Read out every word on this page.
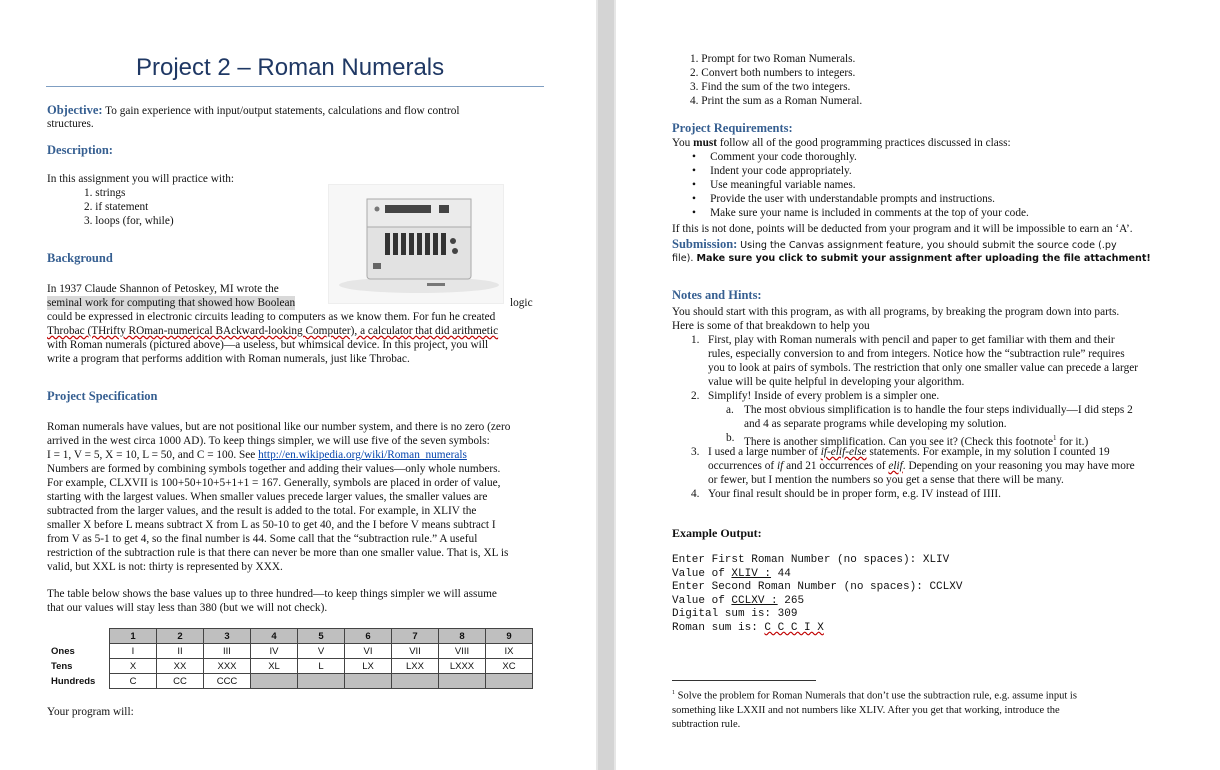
Project 2 – Roman Numerals
Objective: To gain experience with input/output statements, calculations and flow control
structures.
Description:
In this assignment you will practice with:
1. strings
2. if statement
3. loops (for, while)
Background
In 1937 Claude Shannon of Petoskey, MI wrote the
seminal work for computing that showed how Boolean	logic
could be expressed in electronic circuits leading to computers as we know them. For fun he created
Throbac (THrifty ROman-numerical BAckward-looking Computer), a calculator that did arithmetic
with Roman numerals (pictured above)—a useless, but whimsical device. In this project, you will
write a program that performs addition with Roman numerals, just like Throbac.
Project Specification
Roman numerals have values, but are not positional like our number system, and there is no zero (zero
arrived in the west circa 1000 AD). To keep things simpler, we will use five of the seven symbols:
I = 1, V = 5, X = 10, L = 50, and C = 100. See http://en.wikipedia.org/wiki/Roman_numerals
Numbers are formed by combining symbols together and adding their values—only whole numbers.
For example, CLXVII is 100+50+10+5+1+1 = 167. Generally, symbols are placed in order of value,
starting with the largest values. When smaller values precede larger values, the smaller values are
subtracted from the larger values, and the result is added to the total. For example, in XLIV the
smaller X before L means subtract X from L as 50-10 to get 40, and the I before V means subtract I
from V as 5-1 to get 4, so the final number is 44. Some call that the “subtraction rule.” A useful
restriction of the subtraction rule is that there can never be more than one smaller value. That is, XL is
valid, but XXL is not: thirty is represented by XXX.
The table below shows the base values up to three hundred—to keep things simpler we will assume
that our values will stay less than 380 (but we will not check).
	1	2	3	4	5	6	7	8	9
Ones	I	II	III	IV	V	VI	VII	VIII	IX
Tens	X	XX	XXX	XL	L	LX	LXX	LXXX	XC
Hundreds	C	CC	CCC						
Your program will:
1. Prompt for two Roman Numerals.
2. Convert both numbers to integers.
3. Find the sum of the two integers.
4. Print the sum as a Roman Numeral.
Project Requirements:
You must follow all of the good programming practices discussed in class:
•     Comment your code thoroughly.
•     Indent your code appropriately.
•     Use meaningful variable names.
•     Provide the user with understandable prompts and instructions.
•     Make sure your name is included in comments at the top of your code.
If this is not done, points will be deducted from your program and it will be impossible to earn an ‘A’.
Submission: Using the Canvas assignment feature, you should submit the source code (.py
file). Make sure you click to submit your assignment after uploading the file attachment!
Notes and Hints:
You should start with this program, as with all programs, by breaking the program down into parts.
Here is some of that breakdown to help you
1. First, play with Roman numerals with pencil and paper to get familiar with them and their
rules, especially conversion to and from integers. Notice how the “subtraction rule” requires
you to look at pairs of symbols. The restriction that only one smaller value can precede a larger
value will be quite helpful in developing your algorithm.
2. Simplify! Inside of every problem is a simpler one.
a. The most obvious simplification is to handle the four steps individually—I did steps 2
and 4 as separate programs while developing my solution.
b. There is another simplification. Can you see it? (Check this footnote$^1$ for it.)
3. I used a large number of if-elif-else statements. For example, in my solution I counted 19
occurrences of if and 21 occurrences of elif. Depending on your reasoning you may have more
or fewer, but I mention the numbers so you get a sense that there will be many.
4. Your final result should be in proper form, e.g. IV instead of IIII.
Example Output:
Enter First Roman Number (no spaces): XLIV
Value of XLIV : 44
Enter Second Roman Number (no spaces): CCLXV
Value of CCLXV : 265
Digital sum is: 309
Roman sum is: C C C I X
$^1$ Solve the problem for Roman Numerals that don’t use the subtraction rule, e.g. assume input is
something like LXXII and not numbers like XLIV. After you get that working, introduce the
subtraction rule.
